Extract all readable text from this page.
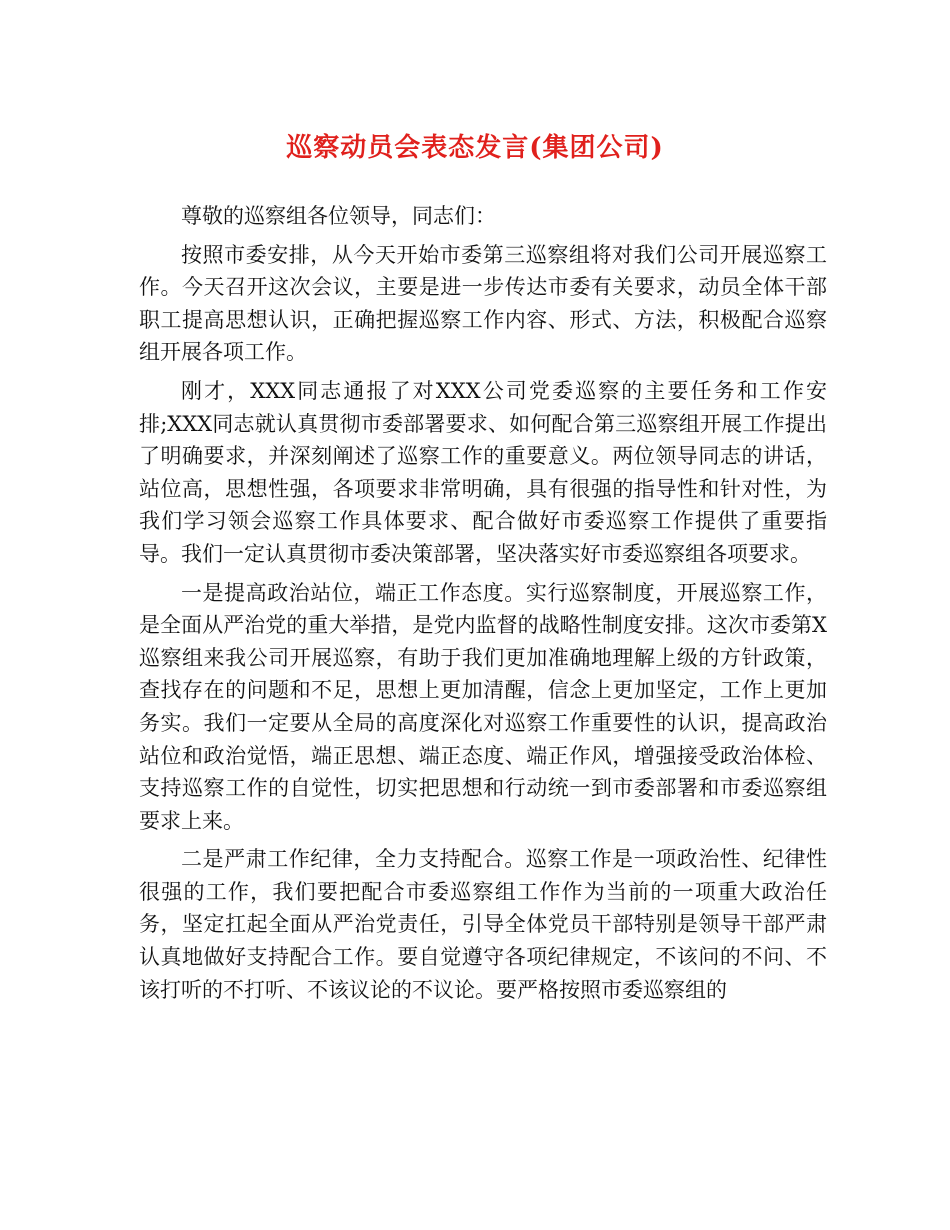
巡察动员会表态发言(集团公司)

尊敬的巡察组各位领导，同志们：

按照市委安排，从今天开始市委第三巡察组将对我们公司开展巡察工作。今天召开这次会议，主要是进一步传达市委有关要求，动员全体干部职工提高思想认识，正确把握巡察工作内容、形式、方法，积极配合巡察组开展各项工作。

刚才，XXX同志通报了对XXX公司党委巡察的主要任务和工作安排;XXX同志就认真贯彻市委部署要求、如何配合第三巡察组开展工作提出了明确要求，并深刻阐述了巡察工作的重要意义。两位领导同志的讲话，站位高，思想性强，各项要求非常明确，具有很强的指导性和针对性，为我们学习领会巡察工作具体要求、配合做好市委巡察工作提供了重要指导。我们一定认真贯彻市委决策部署，坚决落实好市委巡察组各项要求。

一是提高政治站位，端正工作态度。实行巡察制度，开展巡察工作，是全面从严治党的重大举措，是党内监督的战略性制度安排。这次市委第X巡察组来我公司开展巡察，有助于我们更加准确地理解上级的方针政策，查找存在的问题和不足，思想上更加清醒，信念上更加坚定，工作上更加务实。我们一定要从全局的高度深化对巡察工作重要性的认识，提高政治站位和政治觉悟，端正思想、端正态度、端正作风，增强接受政治体检、支持巡察工作的自觉性，切实把思想和行动统一到市委部署和市委巡察组要求上来。

二是严肃工作纪律，全力支持配合。巡察工作是一项政治性、纪律性很强的工作，我们要把配合市委巡察组工作作为当前的一项重大政治任务，坚定扛起全面从严治党责任，引导全体党员干部特别是领导干部严肃认真地做好支持配合工作。要自觉遵守各项纪律规定，不该问的不问、不该打听的不打听、不该议论的不议论。要严格按照市委巡察组的
